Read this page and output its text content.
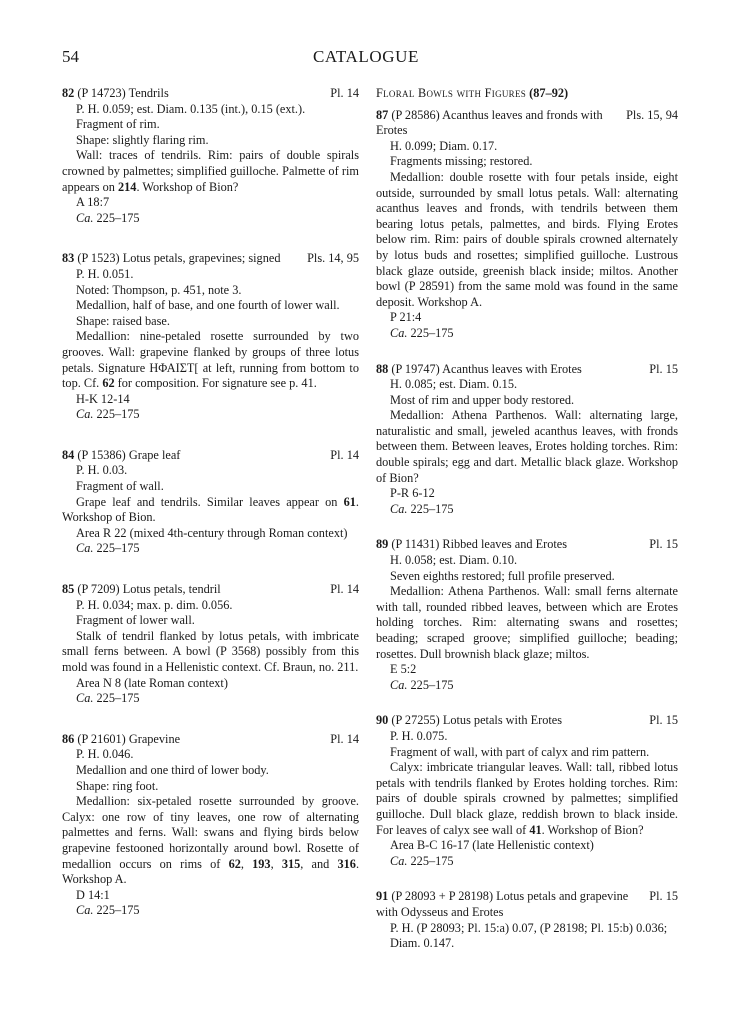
54	CATALOGUE
82 (P 14723) Tendrils	Pl. 14
P. H. 0.059; est. Diam. 0.135 (int.), 0.15 (ext.).
Fragment of rim.
Shape: slightly flaring rim.
Wall: traces of tendrils. Rim: pairs of double spirals crowned by palmettes; simplified guilloche. Palmette of rim appears on 214. Workshop of Bion?
A 18:7
Ca. 225–175
83 (P 1523) Lotus petals, grapevines; signed	Pls. 14, 95
P. H. 0.051.
Noted: Thompson, p. 451, note 3.
Medallion, half of base, and one fourth of lower wall.
Shape: raised base.
Medallion: nine-petaled rosette surrounded by two grooves. Wall: grapevine flanked by groups of three lotus petals. Signature ΗΦΑΙΣΤ[ at left, running from bottom to top. Cf. 62 for composition. For signature see p. 41.
H-K 12-14
Ca. 225–175
84 (P 15386) Grape leaf	Pl. 14
P. H. 0.03.
Fragment of wall.
Grape leaf and tendrils. Similar leaves appear on 61. Workshop of Bion.
Area R 22 (mixed 4th-century through Roman context)
Ca. 225–175
85 (P 7209) Lotus petals, tendril	Pl. 14
P. H. 0.034; max. p. dim. 0.056.
Fragment of lower wall.
Stalk of tendril flanked by lotus petals, with imbricate small ferns between. A bowl (P 3568) possibly from this mold was found in a Hellenistic context. Cf. Braun, no. 211.
Area N 8 (late Roman context)
Ca. 225–175
86 (P 21601) Grapevine	Pl. 14
P. H. 0.046.
Medallion and one third of lower body.
Shape: ring foot.
Medallion: six-petaled rosette surrounded by groove. Calyx: one row of tiny leaves, one row of alternating palmettes and ferns. Wall: swans and flying birds below grapevine festooned horizontally around bowl. Rosette of medallion occurs on rims of 62, 193, 315, and 316. Workshop A.
D 14:1
Ca. 225–175
Floral Bowls with Figures (87–92)
87 (P 28586) Acanthus leaves and fronds with Erotes
Pls. 15, 94
H. 0.099; Diam. 0.17.
Fragments missing; restored.
Medallion: double rosette with four petals inside, eight outside, surrounded by small lotus petals. Wall: alternating acanthus leaves and fronds, with tendrils between them bearing lotus petals, palmettes, and birds. Flying Erotes below rim. Rim: pairs of double spirals crowned alternately by lotus buds and rosettes; simplified guilloche. Lustrous black glaze outside, greenish black inside; miltos. Another bowl (P 28591) from the same mold was found in the same deposit. Workshop A.
P 21:4
Ca. 225–175
88 (P 19747) Acanthus leaves with Erotes	Pl. 15
H. 0.085; est. Diam. 0.15.
Most of rim and upper body restored.
Medallion: Athena Parthenos. Wall: alternating large, naturalistic and small, jeweled acanthus leaves, with fronds between them. Between leaves, Erotes holding torches. Rim: double spirals; egg and dart. Metallic black glaze. Workshop of Bion?
P-R 6-12
Ca. 225–175
89 (P 11431) Ribbed leaves and Erotes	Pl. 15
H. 0.058; est. Diam. 0.10.
Seven eighths restored; full profile preserved.
Medallion: Athena Parthenos. Wall: small ferns alternate with tall, rounded ribbed leaves, between which are Erotes holding torches. Rim: alternating swans and rosettes; beading; scraped groove; simplified guilloche; beading; rosettes. Dull brownish black glaze; miltos.
E 5:2
Ca. 225–175
90 (P 27255) Lotus petals with Erotes	Pl. 15
P. H. 0.075.
Fragment of wall, with part of calyx and rim pattern.
Calyx: imbricate triangular leaves. Wall: tall, ribbed lotus petals with tendrils flanked by Erotes holding torches. Rim: pairs of double spirals crowned by palmettes; simplified guilloche. Dull black glaze, reddish brown to black inside. For leaves of calyx see wall of 41. Workshop of Bion?
Area B-C 16-17 (late Hellenistic context)
Ca. 225–175
91 (P 28093 + P 28198) Lotus petals and grapevine with Odysseus and Erotes
Pl. 15
P. H. (P 28093; Pl. 15:a) 0.07, (P 28198; Pl. 15:b) 0.036; Diam. 0.147.
